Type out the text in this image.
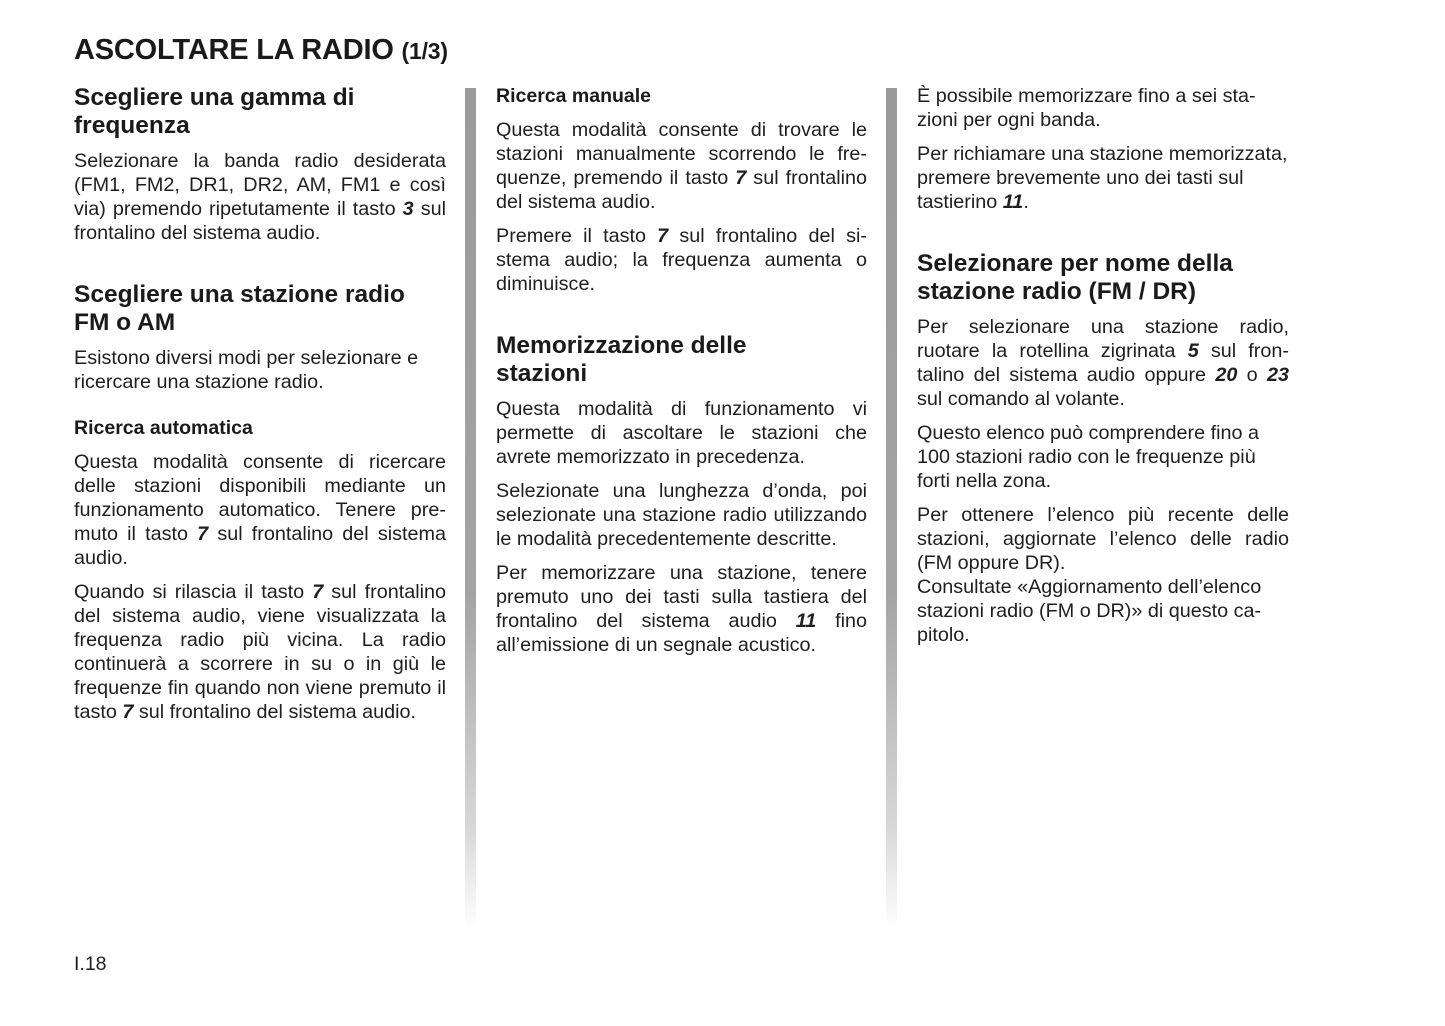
ASCOLTARE LA RADIO (1/3)
Scegliere una gamma di
frequenza

Selezionare la banda radio desiderata (FM1, FM2, DR1, DR2, AM, FM1 e così via) premendo ripetutamente il tasto 3 sul frontalino del sistema audio.

Scegliere una stazione radio
FM o AM

Esistono diversi modi per selezionare e ricercare una stazione radio.

Ricerca automatica

Questa modalità consente di ricercare delle stazioni disponibili mediante un funzionamento automatico. Tenere premuto il tasto 7 sul frontalino del sistema audio.

Quando si rilascia il tasto 7 sul frontalino del sistema audio, viene visualizzata la frequenza radio più vicina. La radio continuerà a scorrere in su o in giù le frequenze fin quando non viene premuto il tasto 7 sul frontalino del sistema audio.

Ricerca manuale

Questa modalità consente di trovare le stazioni manualmente scorrendo le frequenze, premendo il tasto 7 sul frontalino del sistema audio.

Premere il tasto 7 sul frontalino del sistema audio; la frequenza aumenta o diminuisce.

Memorizzazione delle
stazioni

Questa modalità di funzionamento vi permette di ascoltare le stazioni che avrete memorizzato in precedenza.

Selezionate una lunghezza d’onda, poi selezionate una stazione radio utilizzando le modalità precedentemente descritte.

Per memorizzare una stazione, tenere premuto uno dei tasti sulla tastiera del frontalino del sistema audio 11 fino all’emissione di un segnale acustico.

È possibile memorizzare fino a sei stazioni per ogni banda.

Per richiamare una stazione memorizzata, premere brevemente uno dei tasti sul tastierino 11.

Selezionare per nome della
stazione radio (FM / DR)

Per selezionare una stazione radio, ruotare la rotellina zigrinata 5 sul frontalino del sistema audio oppure 20 o 23 sul comando al volante.

Questo elenco può comprendere fino a 100 stazioni radio con le frequenze più forti nella zona.

Per ottenere l’elenco più recente delle stazioni, aggiornate l’elenco delle radio (FM oppure DR).

Consultate «Aggiornamento dell’elenco stazioni radio (FM o DR)» di questo capitolo.

I.18
